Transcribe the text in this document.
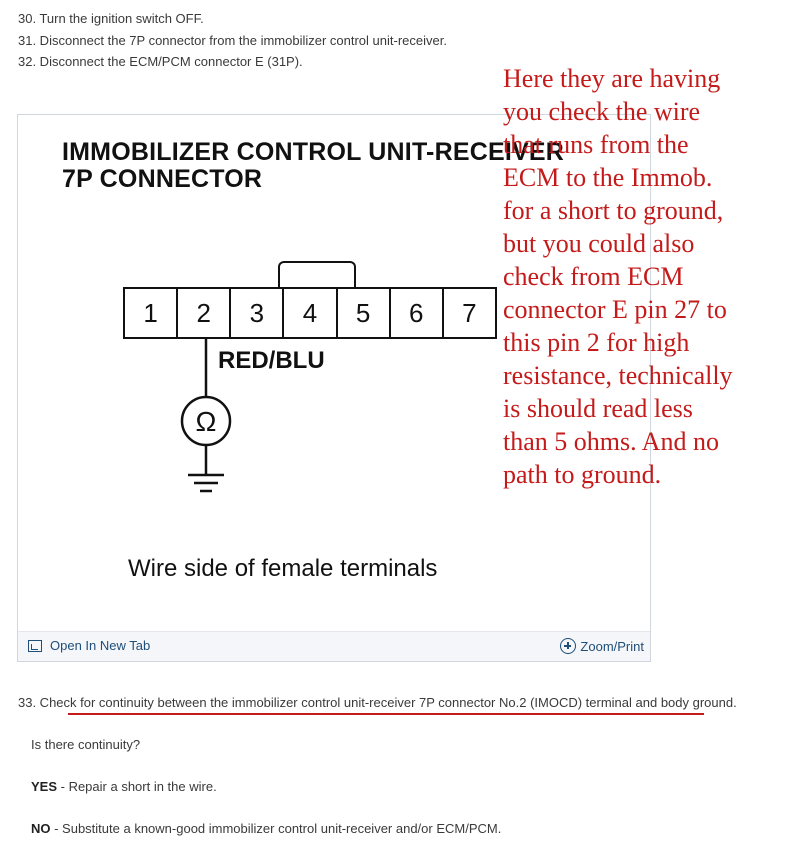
30. Turn the ignition switch OFF.
31. Disconnect the 7P connector from the immobilizer control unit-receiver.
32. Disconnect the ECM/PCM connector E (31P).
IMMOBILIZER CONTROL UNIT-RECEIVER
7P CONNECTOR
1	2	3	4	5	6	7
Ω
RED/BLU
Wire side of female terminals
Open In New Tab	Zoom/Print
Here they are having
you check the wire
that runs from the
ECM to the Immob.
for a short to ground,
but you could also
check from ECM
connector E pin 27 to
this pin 2 for high
resistance, technically
is should read less
than 5 ohms. And no
path to ground.
33. Check for continuity between the immobilizer control unit-receiver 7P connector No.2 (IMOCD) terminal and body ground.
Is there continuity?
YES - Repair a short in the wire.
NO - Substitute a known-good immobilizer control unit-receiver and/or ECM/PCM.
